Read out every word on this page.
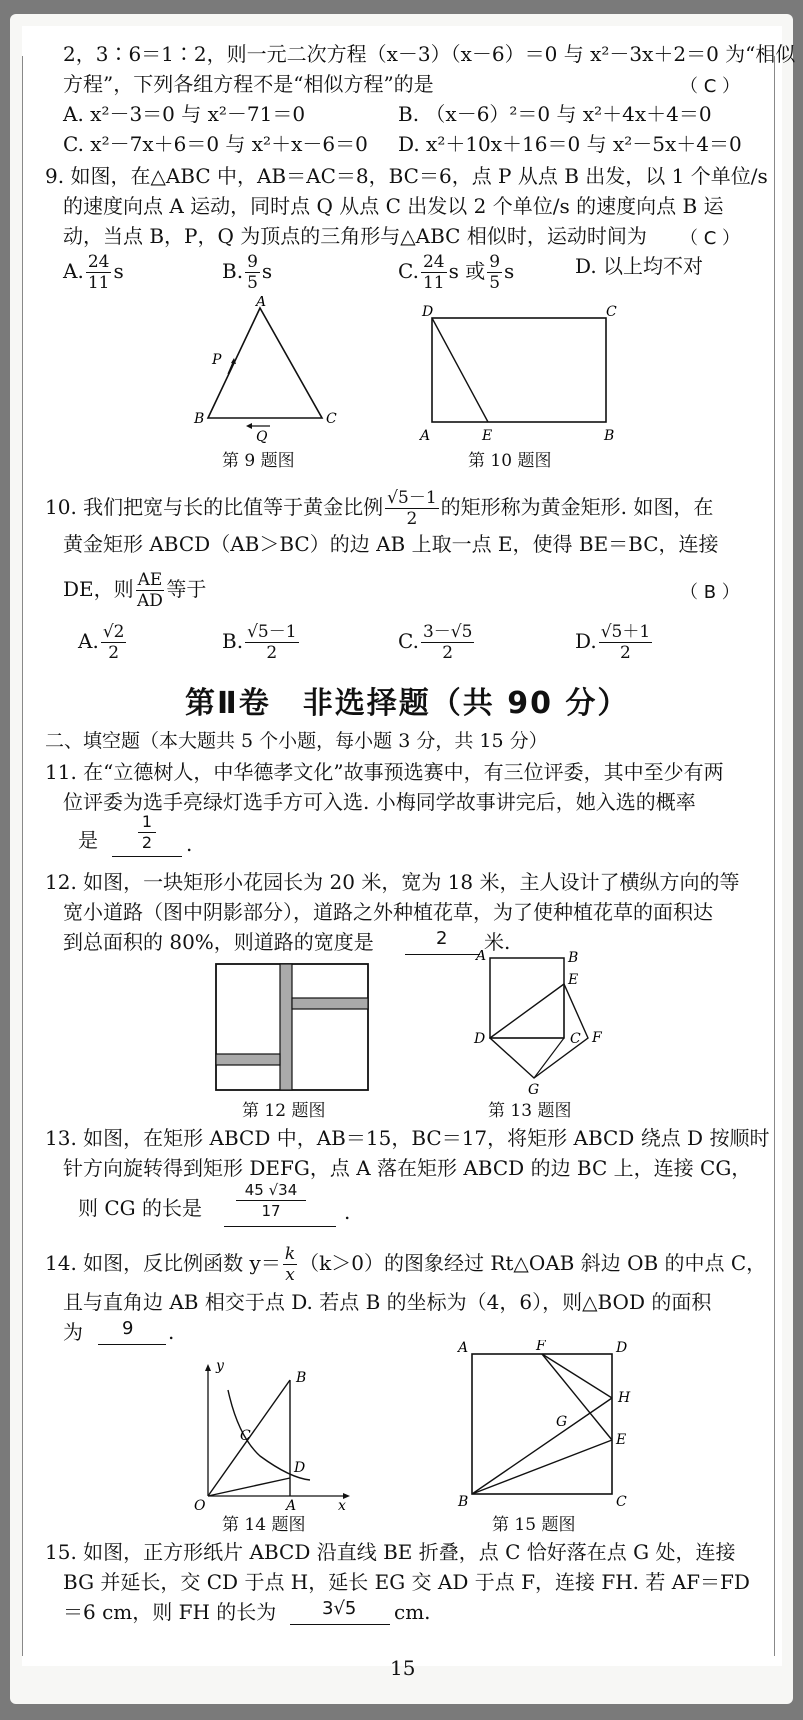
2，3∶6＝1∶2，则一元二次方程（x－3）（x－6）＝0 与 x²－3x＋2＝0 为“相似
方程”，下列各组方程不是“相似方程”的是	（ C ）
A. x²－3＝0 与 x²－71＝0	B. （x－6）²＝0 与 x²＋4x＋4＝0
C. x²－7x＋6＝0 与 x²＋x－6＝0 D. x²＋10x＋16＝0 与 x²－5x＋4＝0
9. 如图，在△ABC 中，AB＝AC＝8，BC＝6，点 P 从点 B 出发，以 1 个单位/s
的速度向点 A 运动，同时点 Q 从点 C 出发以 2 个单位/s 的速度向点 B 运
动，当点 B，P，Q 为顶点的三角形与△ABC 相似时，运动时间为 （ C ）
A. $\frac{24}{11}$ s	B. $\frac{9}{5}$ s	C. $\frac{24}{11}$ s 或 $\frac{9}{5}$ s	D. 以上均不对
A
B	C
P
Q
第 9 题图
D	C
A	E	B
第 10 题图
10. 我们把宽与长的比值等于黄金比例 $\frac{√5-1}{2}$ 的矩形称为黄金矩形. 如图，在
黄金矩形 ABCD（AB＞BC）的边 AB 上取一点 E，使得 BE＝BC，连接
DE，则 $\frac{AE}{AD}$ 等于	（ B ）
A. $\frac{√2}{2}$	B. $\frac{√5-1}{2}$	C. $\frac{3-√5}{2}$	D. $\frac{√5+1}{2}$
第Ⅱ卷　非选择题（共 90 分）
二、填空题（本大题共 5 个小题，每小题 3 分，共 15 分）
11. 在“立德树人，中华德孝文化”故事预选赛中，有三位评委，其中至少有两
位评委为选手亮绿灯选手方可入选. 小梅同学故事讲完后，她入选的概率
是
1
2 .
12. 如图，一块矩形小花园长为 20 米，宽为 18 米，主人设计了横纵方向的等
宽小道路（图中阴影部分），道路之外种植花草，为了使种植花草的面积达
到总面积的 80%，则道路的宽度是	2 米.
第 12 题图
A	B
E
D	C F
G
第 13 题图
13. 如图，在矩形 ABCD 中，AB＝15，BC＝17，将矩形 ABCD 绕点 D 按顺时
针方向旋转得到矩形 DEFG，点 A 落在矩形 ABCD 的边 BC 上，连接 CG，
则 CG 的长是
45 √34
17	.
14. 如图，反比例函数 $y= \frac{k}{x} (k>0)$的图象经过 Rt△OAB 斜边 OB 的中点 C，
且与直角边 AB 相交于点 D. 若点 B 的坐标为（4，6），则△BOD 的面积
为 9 .
y
B
C
D
O	A	x
第 14 题图
A	F	D
H
G
E
B	C
第 15 题图
15. 如图，正方形纸片 ABCD 沿直线 BE 折叠，点 C 恰好落在点 G 处，连接
BG 并延长，交 CD 于点 H，延长 EG 交 AD 于点 F，连接 FH. 若 AF＝FD
＝6 cm，则 FH 的长为	3√5 cm.
15
